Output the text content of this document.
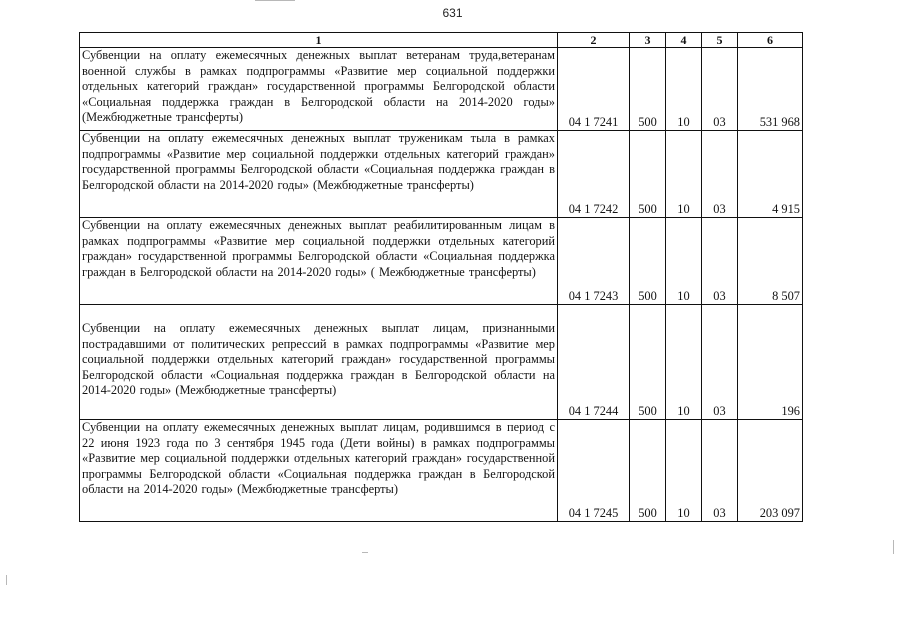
631
1	2	3	4	5	6
Субвенции на оплату ежемесячных денежных выплат ветеранам труда,ветеранам военной службы в рамках подпрограммы «Развитие мер социальной поддержки отдельных категорий граждан» государственной программы Белгородской области «Социальная поддержка граждан в Белгородской области на 2014-2020 годы» (Межбюджетные трансферты)	04 1 7241	500	10	03	531 968
Субвенции на оплату ежемесячных денежных выплат труженикам тыла в рамках подпрограммы «Развитие мер социальной поддержки отдельных категорий граждан» государственной программы Белгородской области «Социальная поддержка граждан в Белгородской области на 2014-2020 годы» (Межбюджетные трансферты)	04 1 7242	500	10	03	4 915
Субвенции на оплату ежемесячных денежных выплат реабилитированным лицам в рамках подпрограммы «Развитие мер социальной поддержки отдельных категорий граждан» государственной программы Белгородской области «Социальная поддержка граждан в Белгородской области на 2014-2020 годы» ( Межбюджетные трансферты)	04 1 7243	500	10	03	8 507
Субвенции на оплату ежемесячных денежных выплат лицам, признанными пострадавшими от политических репрессий в рамках подпрограммы «Развитие мер социальной поддержки отдельных категорий граждан» государственной программы Белгородской области «Социальная поддержка граждан в Белгородской области на 2014-2020 годы» (Межбюджетные трансферты)	04 1 7244	500	10	03	196
Субвенции на оплату ежемесячных денежных выплат лицам, родившимся в период с 22 июня 1923 года по 3 сентября 1945 года (Дети войны) в рамках подпрограммы «Развитие мер социальной поддержки отдельных категорий граждан» государственной программы Белгородской области «Социальная поддержка граждан в Белгородской области на 2014-2020 годы» (Межбюджетные трансферты)	04 1 7245	500	10	03	203 097
